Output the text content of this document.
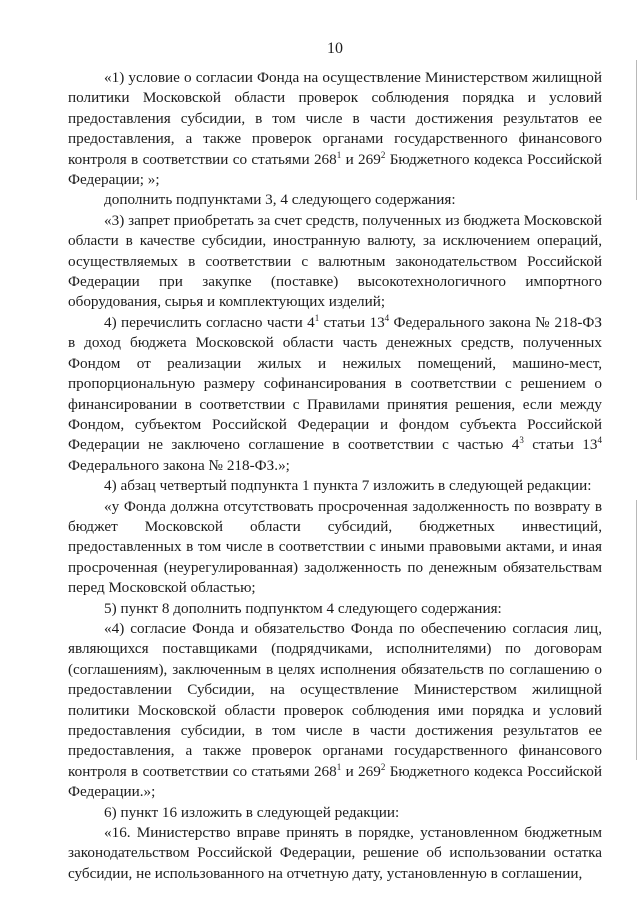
10

«1) условие о согласии Фонда на осуществление Министерством жилищной политики Московской области проверок соблюдения порядка и условий предоставления субсидии, в том числе в части достижения результатов ее предоставления, а также проверок органами государственного финансового контроля в соответствии со статьями $268^1$ и $269^2$ Бюджетного кодекса Российской Федерации; »;

дополнить подпунктами 3, 4 следующего содержания:

«3) запрет приобретать за счет средств, полученных из бюджета Московской области в качестве субсидии, иностранную валюту, за исключением операций, осуществляемых в соответствии с валютным законодательством Российской Федерации при закупке (поставке) высокотехнологичного импортного оборудования, сырья и комплектующих изделий;

4) перечислить согласно части $4^1$ статьи $13^4$ Федерального закона № 218-ФЗ в доход бюджета Московской области часть денежных средств, полученных Фондом от реализации жилых и нежилых помещений, машино-мест, пропорциональную размеру софинансирования в соответствии с решением о финансировании в соответствии с Правилами принятия решения, если между Фондом, субъектом Российской Федерации и фондом субъекта Российской Федерации не заключено соглашение в соответствии с частью $4^3$ статьи $13^4$ Федерального закона № 218-ФЗ.»;

4) абзац четвертый подпункта 1 пункта 7 изложить в следующей редакции:

«у Фонда должна отсутствовать просроченная задолженность по возврату в бюджет Московской области субсидий, бюджетных инвестиций, предоставленных в том числе в соответствии с иными правовыми актами, и иная просроченная (неурегулированная) задолженность по денежным обязательствам перед Московской областью;

5) пункт 8 дополнить подпунктом 4 следующего содержания:

«4) согласие Фонда и обязательство Фонда по обеспечению согласия лиц, являющихся поставщиками (подрядчиками, исполнителями) по договорам (соглашениям), заключенным в целях исполнения обязательств по соглашению о предоставлении Субсидии, на осуществление Министерством жилищной политики Московской области проверок соблюдения ими порядка и условий предоставления субсидии, в том числе в части достижения результатов ее предоставления, а также проверок органами государственного финансового контроля в соответствии со статьями $268^1$ и $269^2$ Бюджетного кодекса Российской Федерации.»;

6) пункт 16 изложить в следующей редакции:

«16. Министерство вправе принять в порядке, установленном бюджетным законодательством Российской Федерации, решение об использовании остатка субсидии, не использованного на отчетную дату, установленную в соглашении,
